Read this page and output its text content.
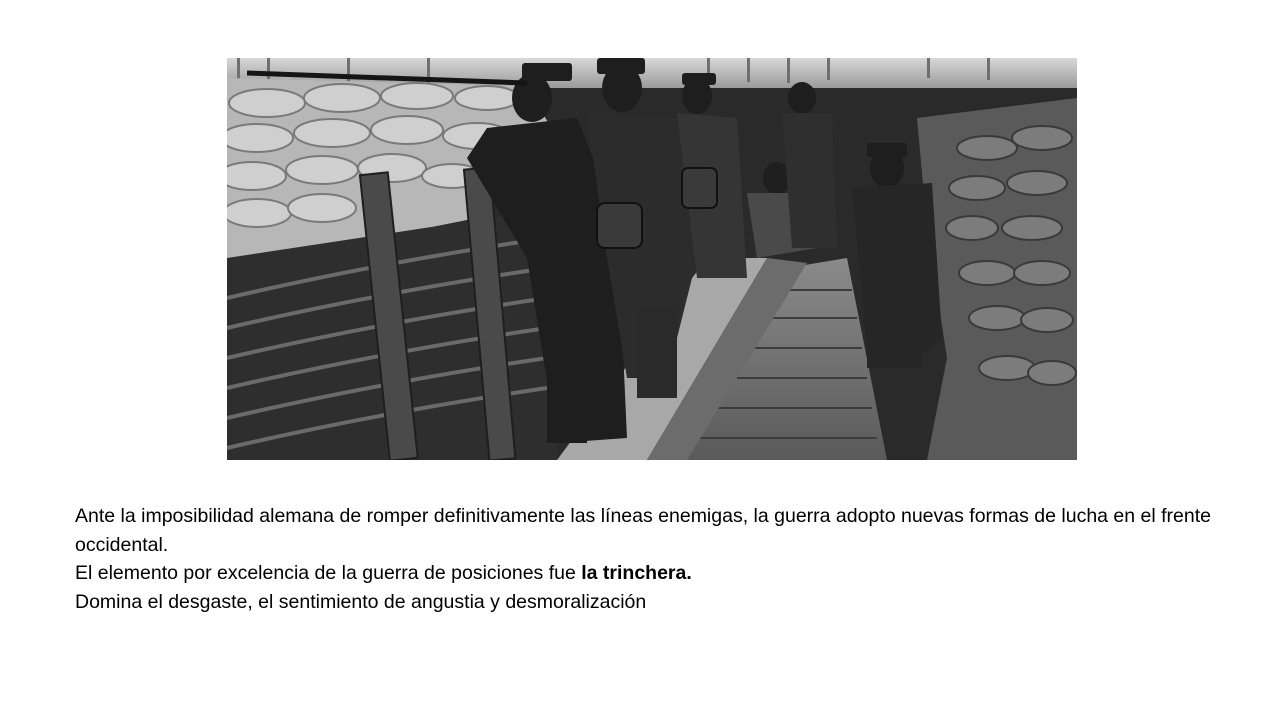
Ante la imposibilidad alemana de romper definitivamente las líneas enemigas, la guerra adopto nuevas formas de lucha en el frente occidental.

El elemento por excelencia de la guerra de posiciones fue la trinchera.

Domina el desgaste, el sentimiento de angustia y desmoralización
